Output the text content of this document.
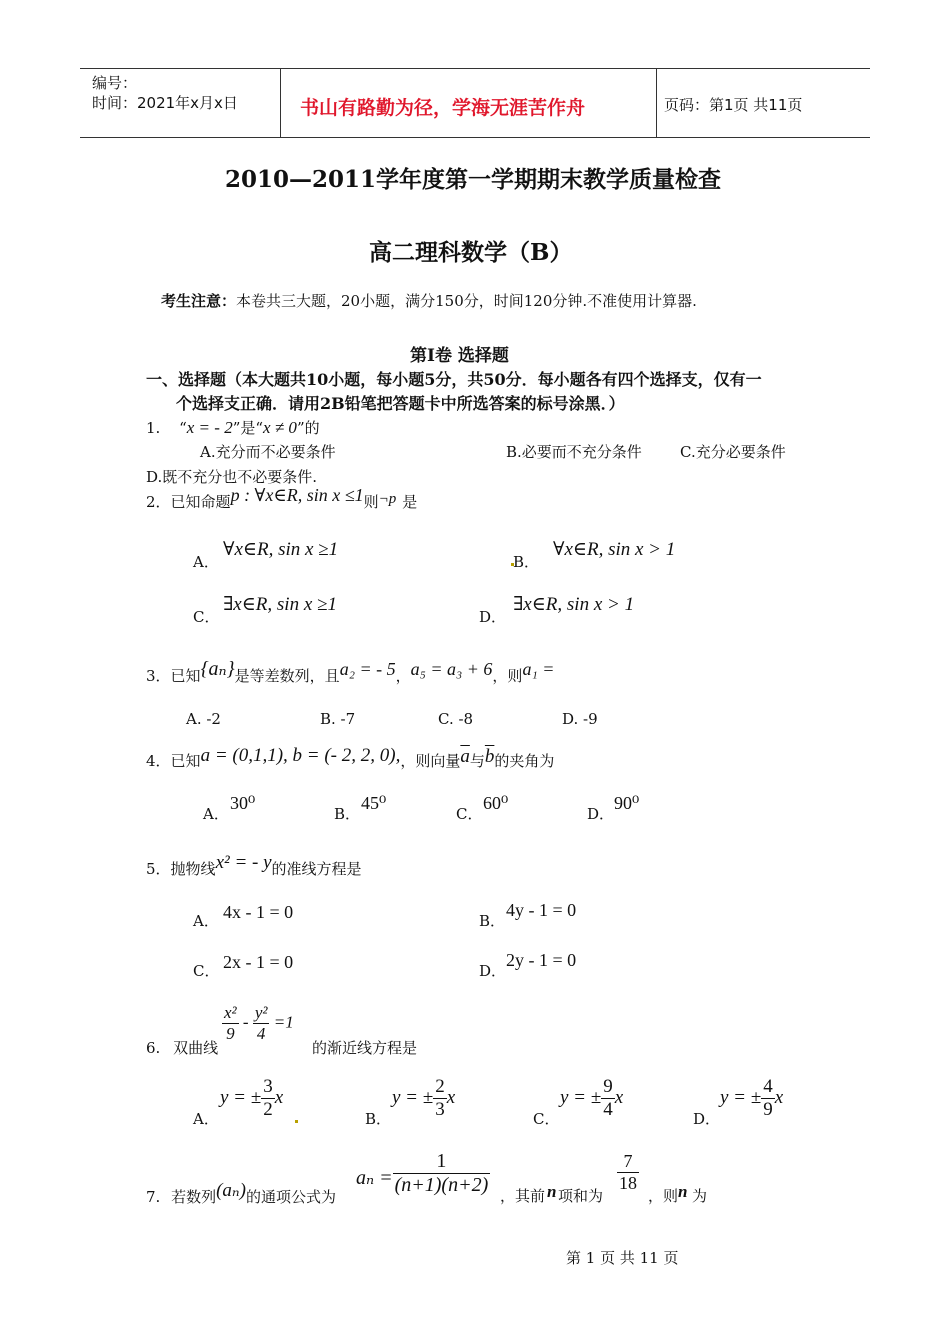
编号：
时间：2021年x月x日	书山有路勤为径，学海无涯苦作舟	页码：第1页 共11页
2010—2011学年度第一学期期末教学质量检查
高二理科数学（B）
考生注意：本卷共三大题，20小题，满分150分，时间120分钟.不准使用计算器.
第Ⅰ卷 选择题
一、选择题（本大题共10小题，每小题5分，共50分．每小题各有四个选择支，仅有一
个选择支正确．请用2B铅笔把答题卡中所选答案的标号涂黑．）
1. “x = - 2”是“x ≠ 0”的
A.充分而不必要条件	B.必要而不充分条件	C.充分必要条件
D.既不充分也不必要条件.
2．已知命题p : ∀x∈R, sin x ≤1则¬p 是
A．
∀x∈R, sin x ≥1
B．
∀x∈R, sin x > 1
C．
∃x∈R, sin x ≥1
D．
∃x∈R, sin x > 1
3．已知{aₙ}是等差数列，且a₂ = - 5，a₅ = a₃ + 6，则a₁ =
A. -2	B. -7	C. -8	D. -9
4．已知a = (0,1,1), b = (- 2, 2, 0),，则向量$\overline{a}$与$\overline{b}$的夹角为
A．
30⁰
B．
45⁰
C．
60⁰
D．
90⁰
5．抛物线x² = - y的准线方程是
A． 4x - 1 = 0	B．
4y - 1 = 0
C． 2x - 1 = 0	D．
2y - 1 = 0
6. 双曲线
$\frac{\text{x²}}{9} - \frac{\text{y²}}{4} =1$
的渐近线方程是
A．
y = ± $\frac{3}{2}$ x
B．
y = ± $\frac{2}{3}$ x
C．
y = ± $\frac{9}{4}$ x
D．
y = ± $\frac{4}{9}$ x
7. 若数列(aₙ)的通项公式为
$a_n = \frac{1}{(n+1)(n+2)}$ ，其前 n 项和为
$\frac{7}{18}$
，则 n 为
第 1 页 共 11 页
